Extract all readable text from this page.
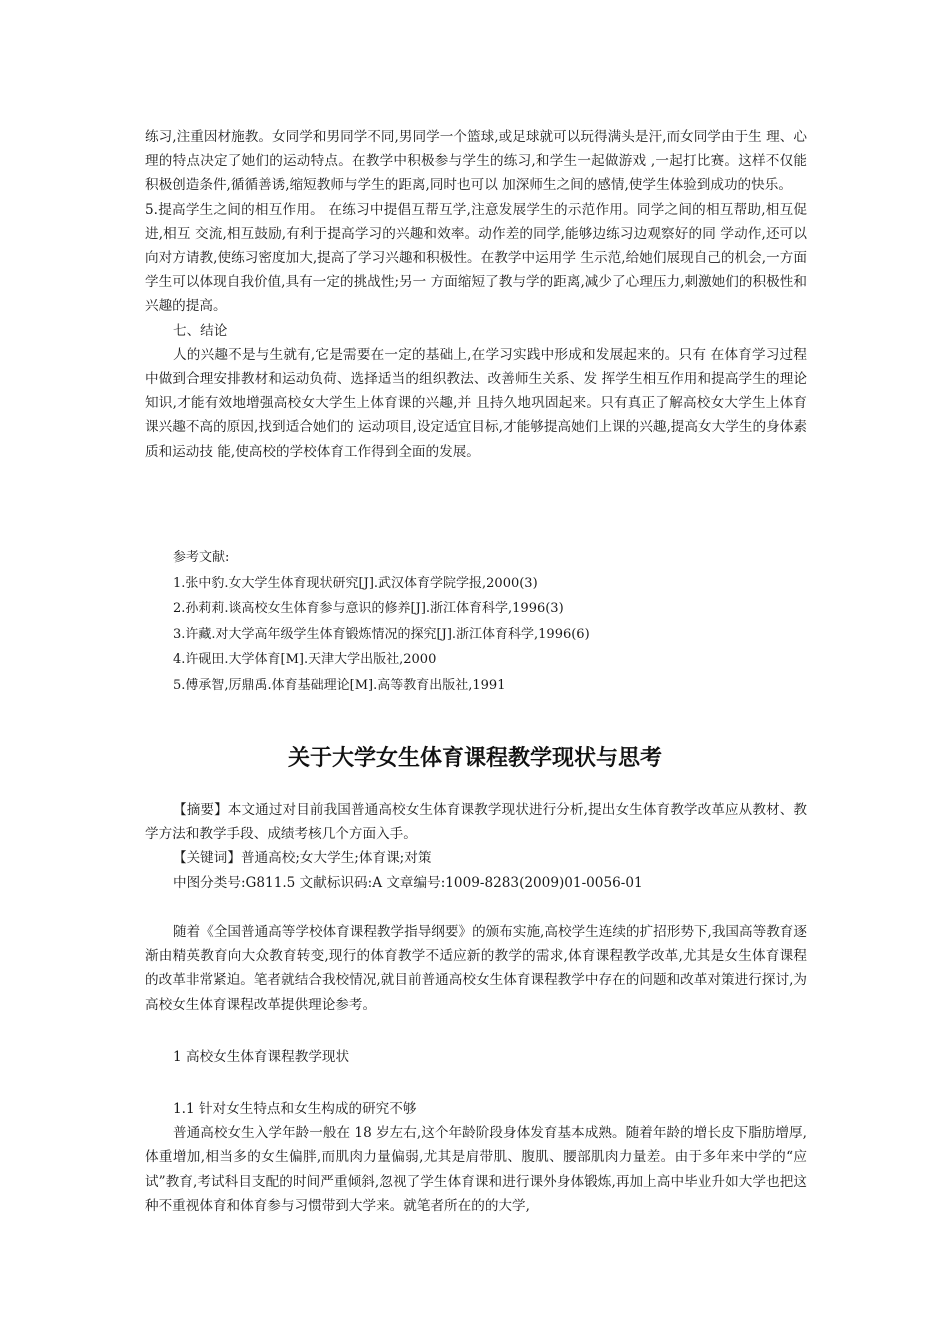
练习,注重因材施教。女同学和男同学不同,男同学一个篮球,或足球就可以玩得满头是汗,而女同学由于生 理、心理的特点决定了她们的运动特点。在教学中积极参与学生的练习,和学生一起做游戏 ,一起打比赛。这样不仅能积极创造条件,循循善诱,缩短教师与学生的距离,同时也可以 加深师生之间的感情,使学生体验到成功的快乐。

5.提高学生之间的相互作用。 在练习中提倡互帮互学,注意发展学生的示范作用。同学之间的相互帮助,相互促进,相互 交流,相互鼓励,有利于提高学习的兴趣和效率。动作差的同学,能够边练习边观察好的同 学动作,还可以向对方请教,使练习密度加大,提高了学习兴趣和积极性。在教学中运用学 生示范,给她们展现自己的机会,一方面学生可以体现自我价值,具有一定的挑战性;另一 方面缩短了教与学的距离,减少了心理压力,刺激她们的积极性和兴趣的提高。

七、结论

人的兴趣不是与生就有,它是需要在一定的基础上,在学习实践中形成和发展起来的。只有 在体育学习过程中做到合理安排教材和运动负荷、选择适当的组织教法、改善师生关系、发 挥学生相互作用和提高学生的理论知识,才能有效地增强高校女大学生上体育课的兴趣,并 且持久地巩固起来。只有真正了解高校女大学生上体育课兴趣不高的原因,找到适合她们的 运动项目,设定适宜目标,才能够提高她们上课的兴趣,提高女大学生的身体素质和运动技 能,使高校的学校体育工作得到全面的发展。

参考文献:

1.张中豹.女大学生体育现状研究[J].武汉体育学院学报,2000(3)

2.孙莉莉.谈高校女生体育参与意识的修养[J].浙江体育科学,1996(3)

3.许藏.对大学高年级学生体育锻炼情况的探究[J].浙江体育科学,1996(6)

4.许砚田.大学体育[M].天津大学出版社,2000

5.傅承智,厉鼎禹.体育基础理论[M].高等教育出版社,1991

关于大学女生体育课程教学现状与思考

【摘要】本文通过对目前我国普通高校女生体育课教学现状进行分析,提出女生体育教学改革应从教材、教学方法和教学手段、成绩考核几个方面入手。

【关键词】普通高校;女大学生;体育课;对策

中图分类号:G811.5 文献标识码:A 文章编号:1009-8283(2009)01-0056-01

随着《全国普通高等学校体育课程教学指导纲要》的颁布实施,高校学生连续的扩招形势下,我国高等教育逐渐由精英教育向大众教育转变,现行的体育教学不适应新的教学的需求,体育课程教学改革,尤其是女生体育课程的改革非常紧迫。笔者就结合我校情况,就目前普通高校女生体育课程教学中存在的问题和改革对策进行探讨,为高校女生体育课程改革提供理论参考。

1 高校女生体育课程教学现状

1.1 针对女生特点和女生构成的研究不够

普通高校女生入学年龄一般在 18 岁左右,这个年龄阶段身体发育基本成熟。随着年龄的增长皮下脂肪增厚,体重增加,相当多的女生偏胖,而肌肉力量偏弱,尤其是肩带肌、腹肌、腰部肌肉力量差。由于多年来中学的“应试”教育,考试科目支配的时间严重倾斜,忽视了学生体育课和进行课外身体锻炼,再加上高中毕业升如大学也把这种不重视体育和体育参与习惯带到大学来。就笔者所在的的大学,
